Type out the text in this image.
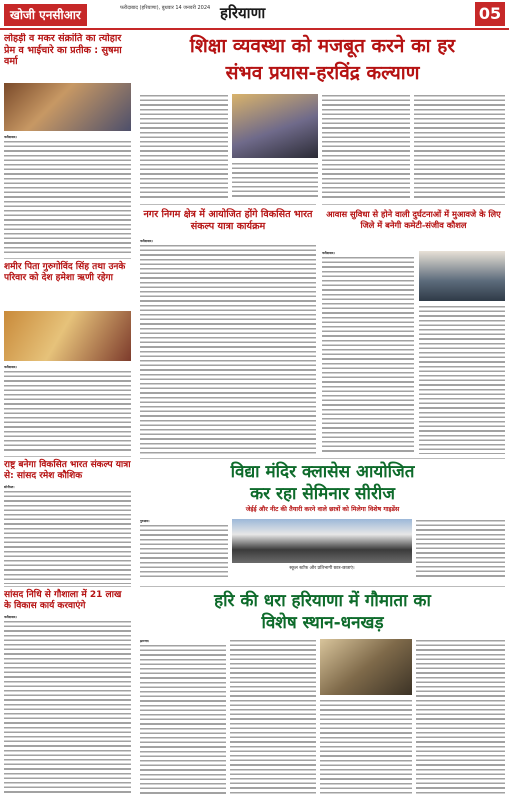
खोजी एनसीआर	फरीदाबाद (हरियाणा), बुधवार 14 जनवरी 2024 हरियाणा	05
लोहड़ी व मकर संक्रांति का त्योहार प्रेम व भाईचारे का प्रतीक : सुषमा वर्मा
फरीदाबाद।
शिक्षा व्यवस्था को मजबूत करने का हर
संभव प्रयास-हरविंद्र कल्याण
शमीर पिता गुरुगोविंद सिंह तथा उनके परिवार को देश हमेशा ऋणी रहेगा
फरीदाबाद।
नगर निगम क्षेत्र में आयोजित होंगे विकसित भारत संकल्प यात्रा कार्यक्रम
फरीदाबाद।
आवास सुविधा से होने वाली दुर्घटनाओं में मुआवजे के लिए जिले में बनेगी कमेटी-संजीव कौशल
फरीदाबाद।
राष्ट्र बनेगा विकसित भारत संकल्प यात्रा से: सांसद रमेश कौशिक
सोनीपत।
विद्या मंदिर क्लासेस आयोजित
कर रहा सेमिनार सीरीज
जेईई और नीट की तैयारी करने वाले छात्रों को मिलेगा विशेष गाइडेंस
गुरुग्राम।
स्कूल स्टॉफ और प्रतिभागी छात्र-छात्राएं।
सांसद निधि से गौशाला में 21 लाख के विकास कार्य करवाएंगे
फरीदाबाद।
हरि की धरा हरियाणा में गौमाता का
विशेष स्थान-धनखड़
झज्जर।
